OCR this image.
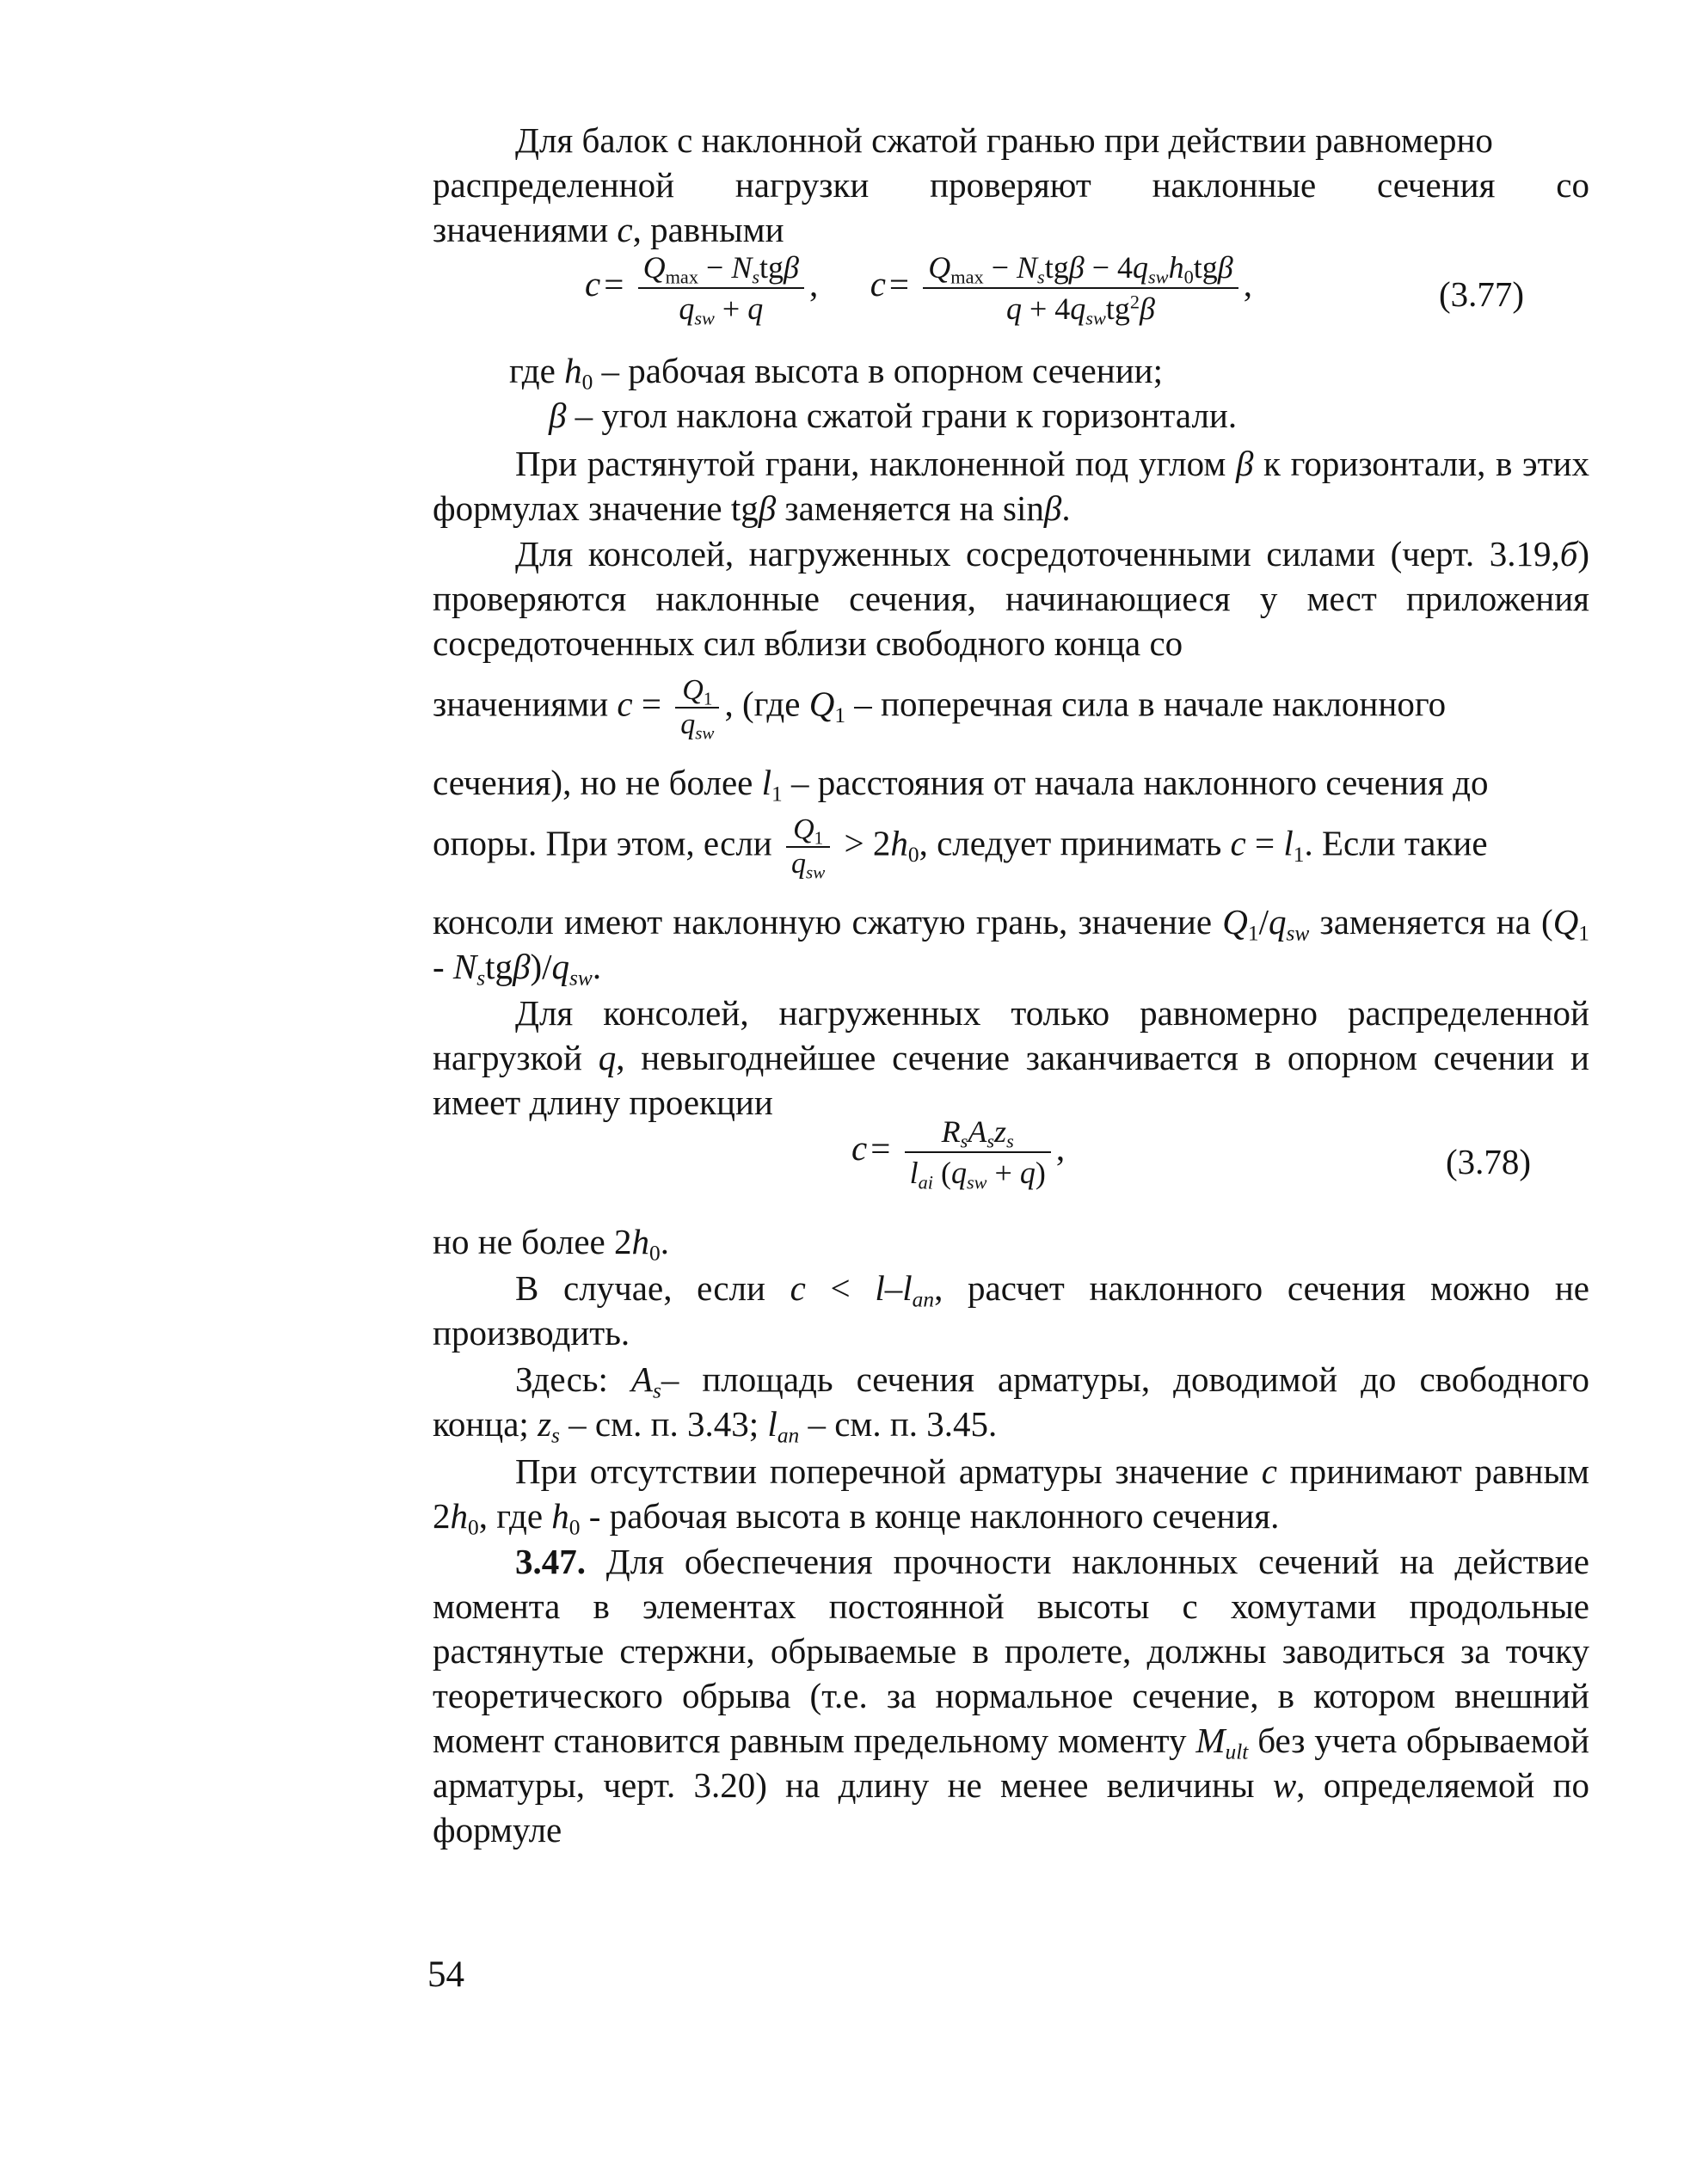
Для балок с наклонной сжатой гранью при действии равномерно

распределенной нагрузки проверяют наклонные сечения со

значениями c, равными

$c= \frac{Q_{max} - N_stg\beta}{q_{sw} + q}$ , $c= \frac{Q_{max} - N_stg\beta - 4q_{sw}h_0tg\beta}{q + 4q_{sw}tg^2\beta}$ ,	(3.77)

где $h_0$ – рабочая высота в опорном сечении;

β – угол наклона сжатой грани к горизонтали.

При растянутой грани, наклоненной под углом β к горизонтали, в этих формулах значение tgβ заменяется на sinβ.

Для консолей, нагруженных сосредоточенными силами (черт. 3.19,б) проверяются наклонные сечения, начинающиеся у мест приложения сосредоточенных сил вблизи свободного конца со

значениями $c = \frac{Q_1}{q_{sw}}$ , (где $Q_1$ – поперечная сила в начале наклонного

сечения), но не более $l_1$ – расстояния от начала наклонного сечения до

опоры. При этом, если $\frac{Q_1}{q_{sw}} > 2h_0$, следует принимать $c = l_1$. Если такие

консоли имеют наклонную сжатую грань, значение $Q_1/q_{sw}$ заменяется на $(Q_1 - N_stg\beta)/q_{sw}$.

Для консолей, нагруженных только равномерно распределенной нагрузкой q, невыгоднейшее сечение заканчивается в опорном сечении и имеет длину проекции

$c= \frac{R_sA_sz_s}{l_{ai} (q_{sw} + q)}$ ,	(3.78)

но не более $2h_0$.

В случае, если $c < l-l_{an}$, расчет наклонного сечения можно не производить.

Здесь: $A_s-$ площадь сечения арматуры, доводимой до свободного конца; $z_s$ – см. п. 3.43; $l_{an}$ – см. п. 3.45.

При отсутствии поперечной арматуры значение c принимают равным $2h_0$, где $h_0$ - рабочая высота в конце наклонного сечения.

3.47. Для обеспечения прочности наклонных сечений на действие момента в элементах постоянной высоты с хомутами продольные растянутые стержни, обрываемые в пролете, должны заводиться за точку теоретического обрыва (т.е. за нормальное сечение, в котором внешний момент становится равным предельному моменту $M_{ult}$ без учета обрываемой арматуры, черт. 3.20) на длину не менее величины w, определяемой по формуле

54
